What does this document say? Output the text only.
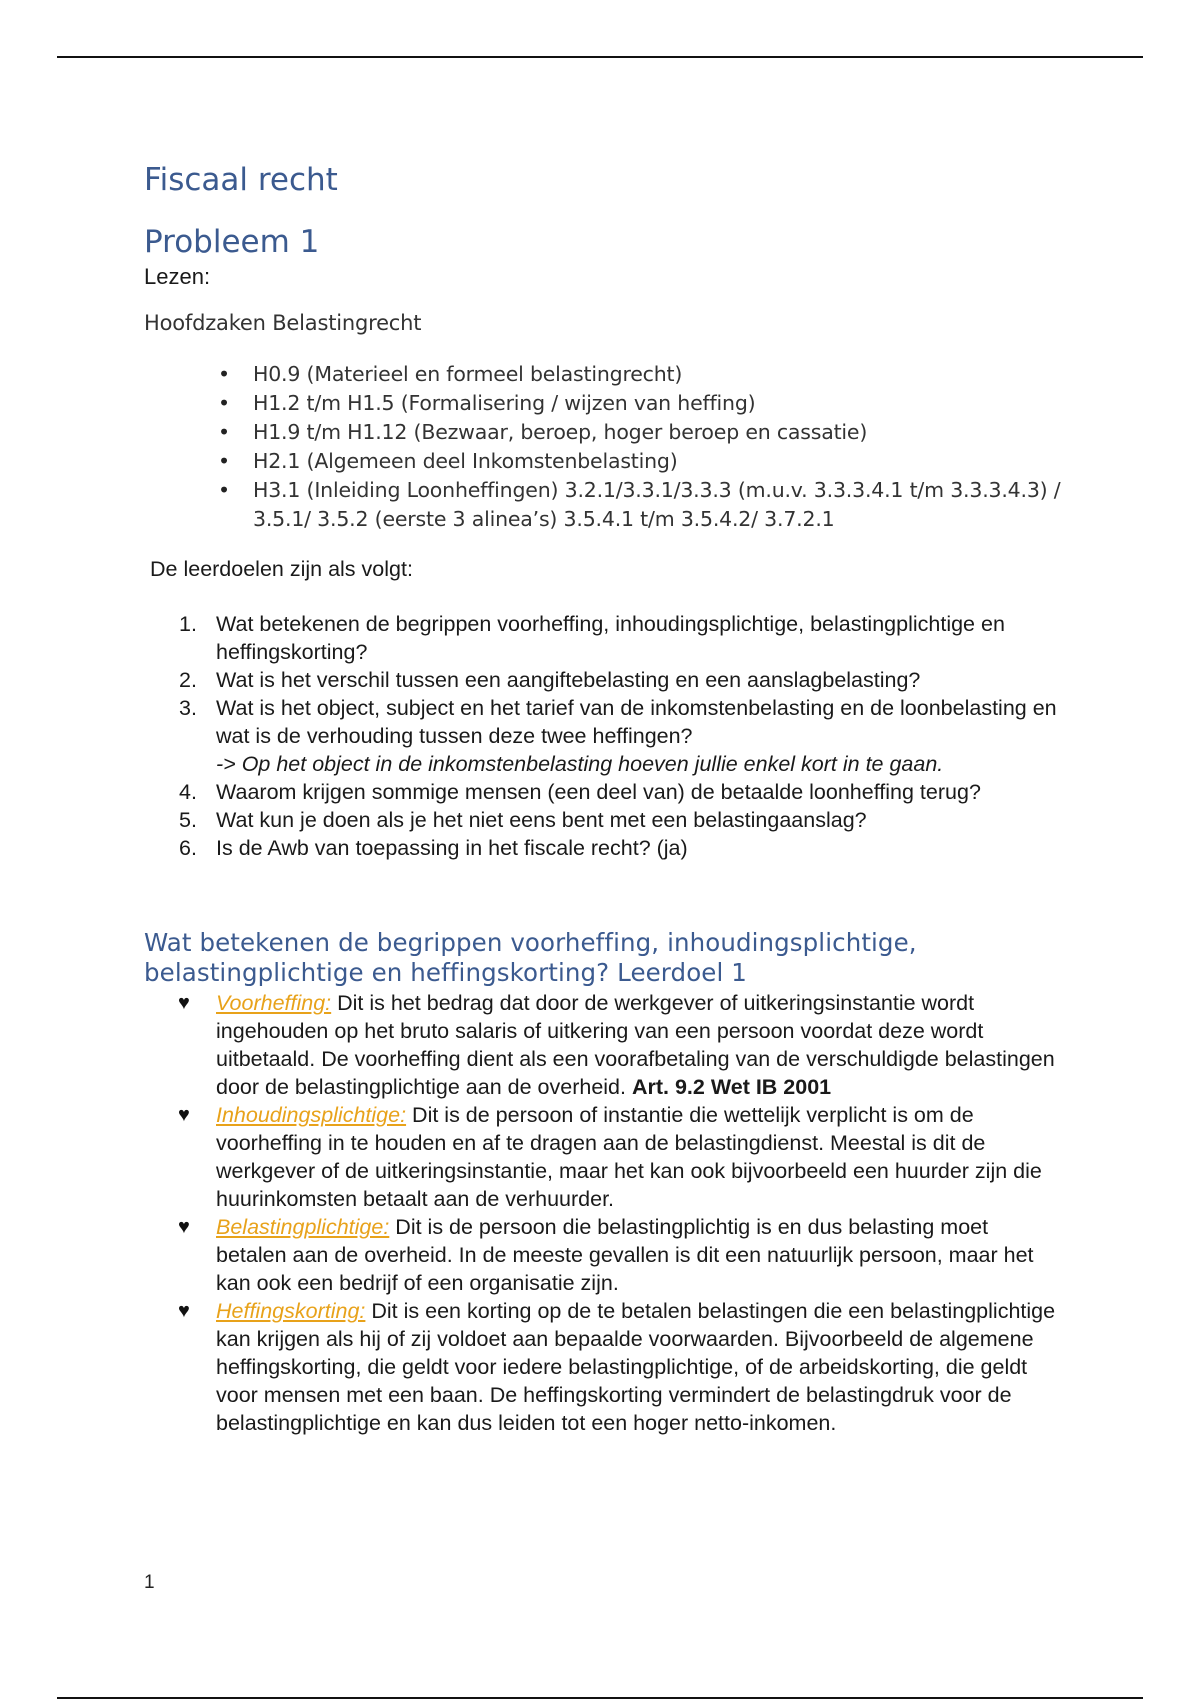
Fiscaal recht
Probleem 1

Lezen:

Hoofdzaken Belastingrecht

• H0.9 (Materieel en formeel belastingrecht)
• H1.2 t/m H1.5 (Formalisering / wijzen van heffing)
• H1.9 t/m H1.12 (Bezwaar, beroep, hoger beroep en cassatie)
• H2.1 (Algemeen deel Inkomstenbelasting)
• H3.1 (Inleiding Loonheffingen) 3.2.1/3.3.1/3.3.3 (m.u.v. 3.3.3.4.1 t/m 3.3.3.4.3) / 3.5.1/ 3.5.2 (eerste 3 alinea’s) 3.5.4.1 t/m 3.5.4.2/ 3.7.2.1

De leerdoelen zijn als volgt:

1. Wat betekenen de begrippen voorheffing, inhoudingsplichtige, belastingplichtige en heffingskorting?
2. Wat is het verschil tussen een aangiftebelasting en een aanslagbelasting?
3. Wat is het object, subject en het tarief van de inkomstenbelasting en de loonbelasting en wat is de verhouding tussen deze twee heffingen?
-> Op het object in de inkomstenbelasting hoeven jullie enkel kort in te gaan.
4. Waarom krijgen sommige mensen (een deel van) de betaalde loonheffing terug?
5. Wat kun je doen als je het niet eens bent met een belastingaanslag?
6. Is de Awb van toepassing in het fiscale recht? (ja)
Wat betekenen de begrippen voorheffing, inhoudingsplichtige, belastingplichtige en heffingskorting? Leerdoel 1
♥ Voorheffing: Dit is het bedrag dat door de werkgever of uitkeringsinstantie wordt ingehouden op het bruto salaris of uitkering van een persoon voordat deze wordt uitbetaald. De voorheffing dient als een voorafbetaling van de verschuldigde belastingen door de belastingplichtige aan de overheid. Art. 9.2 Wet IB 2001
♥ Inhoudingsplichtige: Dit is de persoon of instantie die wettelijk verplicht is om de voorheffing in te houden en af te dragen aan de belastingdienst. Meestal is dit de werkgever of de uitkeringsinstantie, maar het kan ook bijvoorbeeld een huurder zijn die huurinkomsten betaalt aan de verhuurder.
♥ Belastingplichtige: Dit is de persoon die belastingplichtig is en dus belasting moet betalen aan de overheid. In de meeste gevallen is dit een natuurlijk persoon, maar het kan ook een bedrijf of een organisatie zijn.
♥ Heffingskorting: Dit is een korting op de te betalen belastingen die een belastingplichtige kan krijgen als hij of zij voldoet aan bepaalde voorwaarden. Bijvoorbeeld de algemene heffingskorting, die geldt voor iedere belastingplichtige, of de arbeidskorting, die geldt voor mensen met een baan. De heffingskorting vermindert de belastingdruk voor de belastingplichtige en kan dus leiden tot een hoger netto-inkomen.
1
